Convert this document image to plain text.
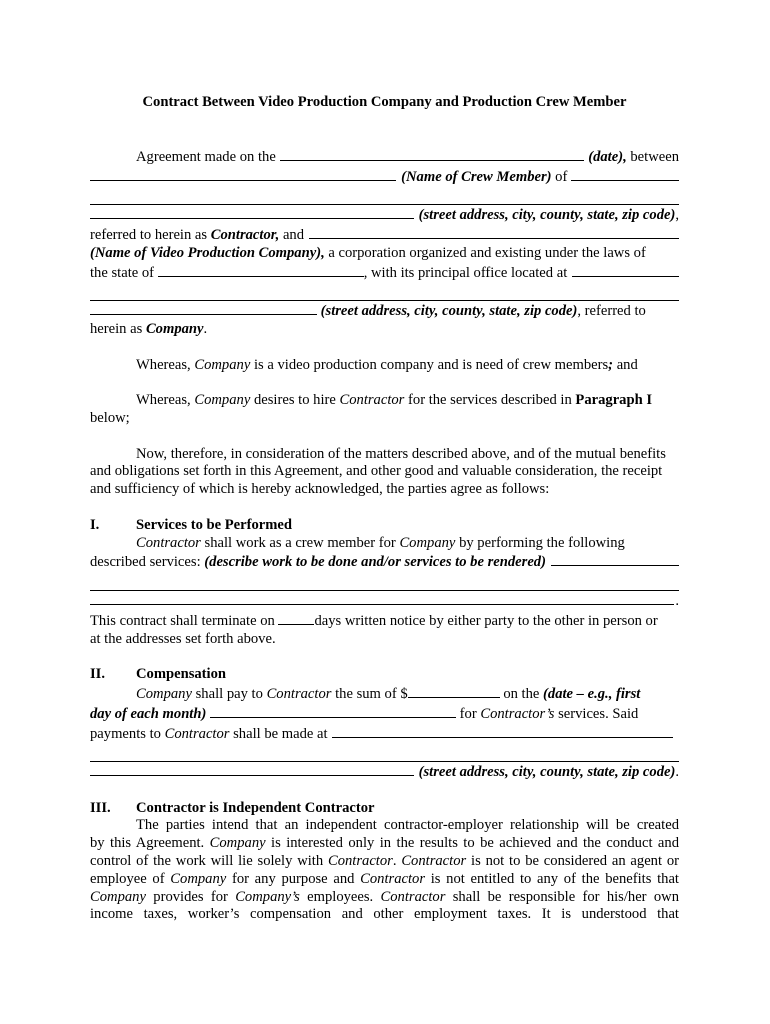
Contract Between Video Production Company and Production Crew Member
Agreement made on the

	(date),
between

(Name of Crew Member)
of

(street address, city, county, state, zip code) ,
referred to herein as
Contractor,
and

(Name of Video Production Company),
a corporation organized and existing under the laws of
the state of
	, with its principal office located at

(street address, city, county, state, zip code) , referred to
herein as Company.

Whereas, Company is a video production company and is need of crew members; and

Whereas, Company desires to hire Contractor for the services described in Paragraph I below;

Now, therefore, in consideration of the matters described above, and of the mutual benefits and obligations set forth in this Agreement, and other good and valuable consideration, the receipt and sufficiency of which is hereby acknowledged, the parties agree as follows:

I.	Services to be Performed
Contractor shall work as a crew member for Company by performing the following
described services:
(describe work to be done and/or services to be rendered)

.
This contract shall terminate on
	days written notice by either party to the other in person or
at the addresses set forth above.
II.	Compensation
Company shall pay to Contractor the sum of $	on the (date – e.g., first
day of each month)	for Contractor’s services. Said
payments to
Contractor
shall be made at

(street address, city, county, state, zip code) .
III.	Contractor is Independent Contractor
The parties intend that an independent contractor-employer relationship will be created
by this Agreement. Company is interested only in the results to be achieved and the conduct and
control of the work will lie solely with Contractor. Contractor is not to be considered an agent or
employee of Company for any purpose and Contractor is not entitled to any of the benefits that
Company provides for Company’s employees. Contractor shall be responsible for his/her own
income taxes, worker’s compensation and other employment taxes. It is understood that
